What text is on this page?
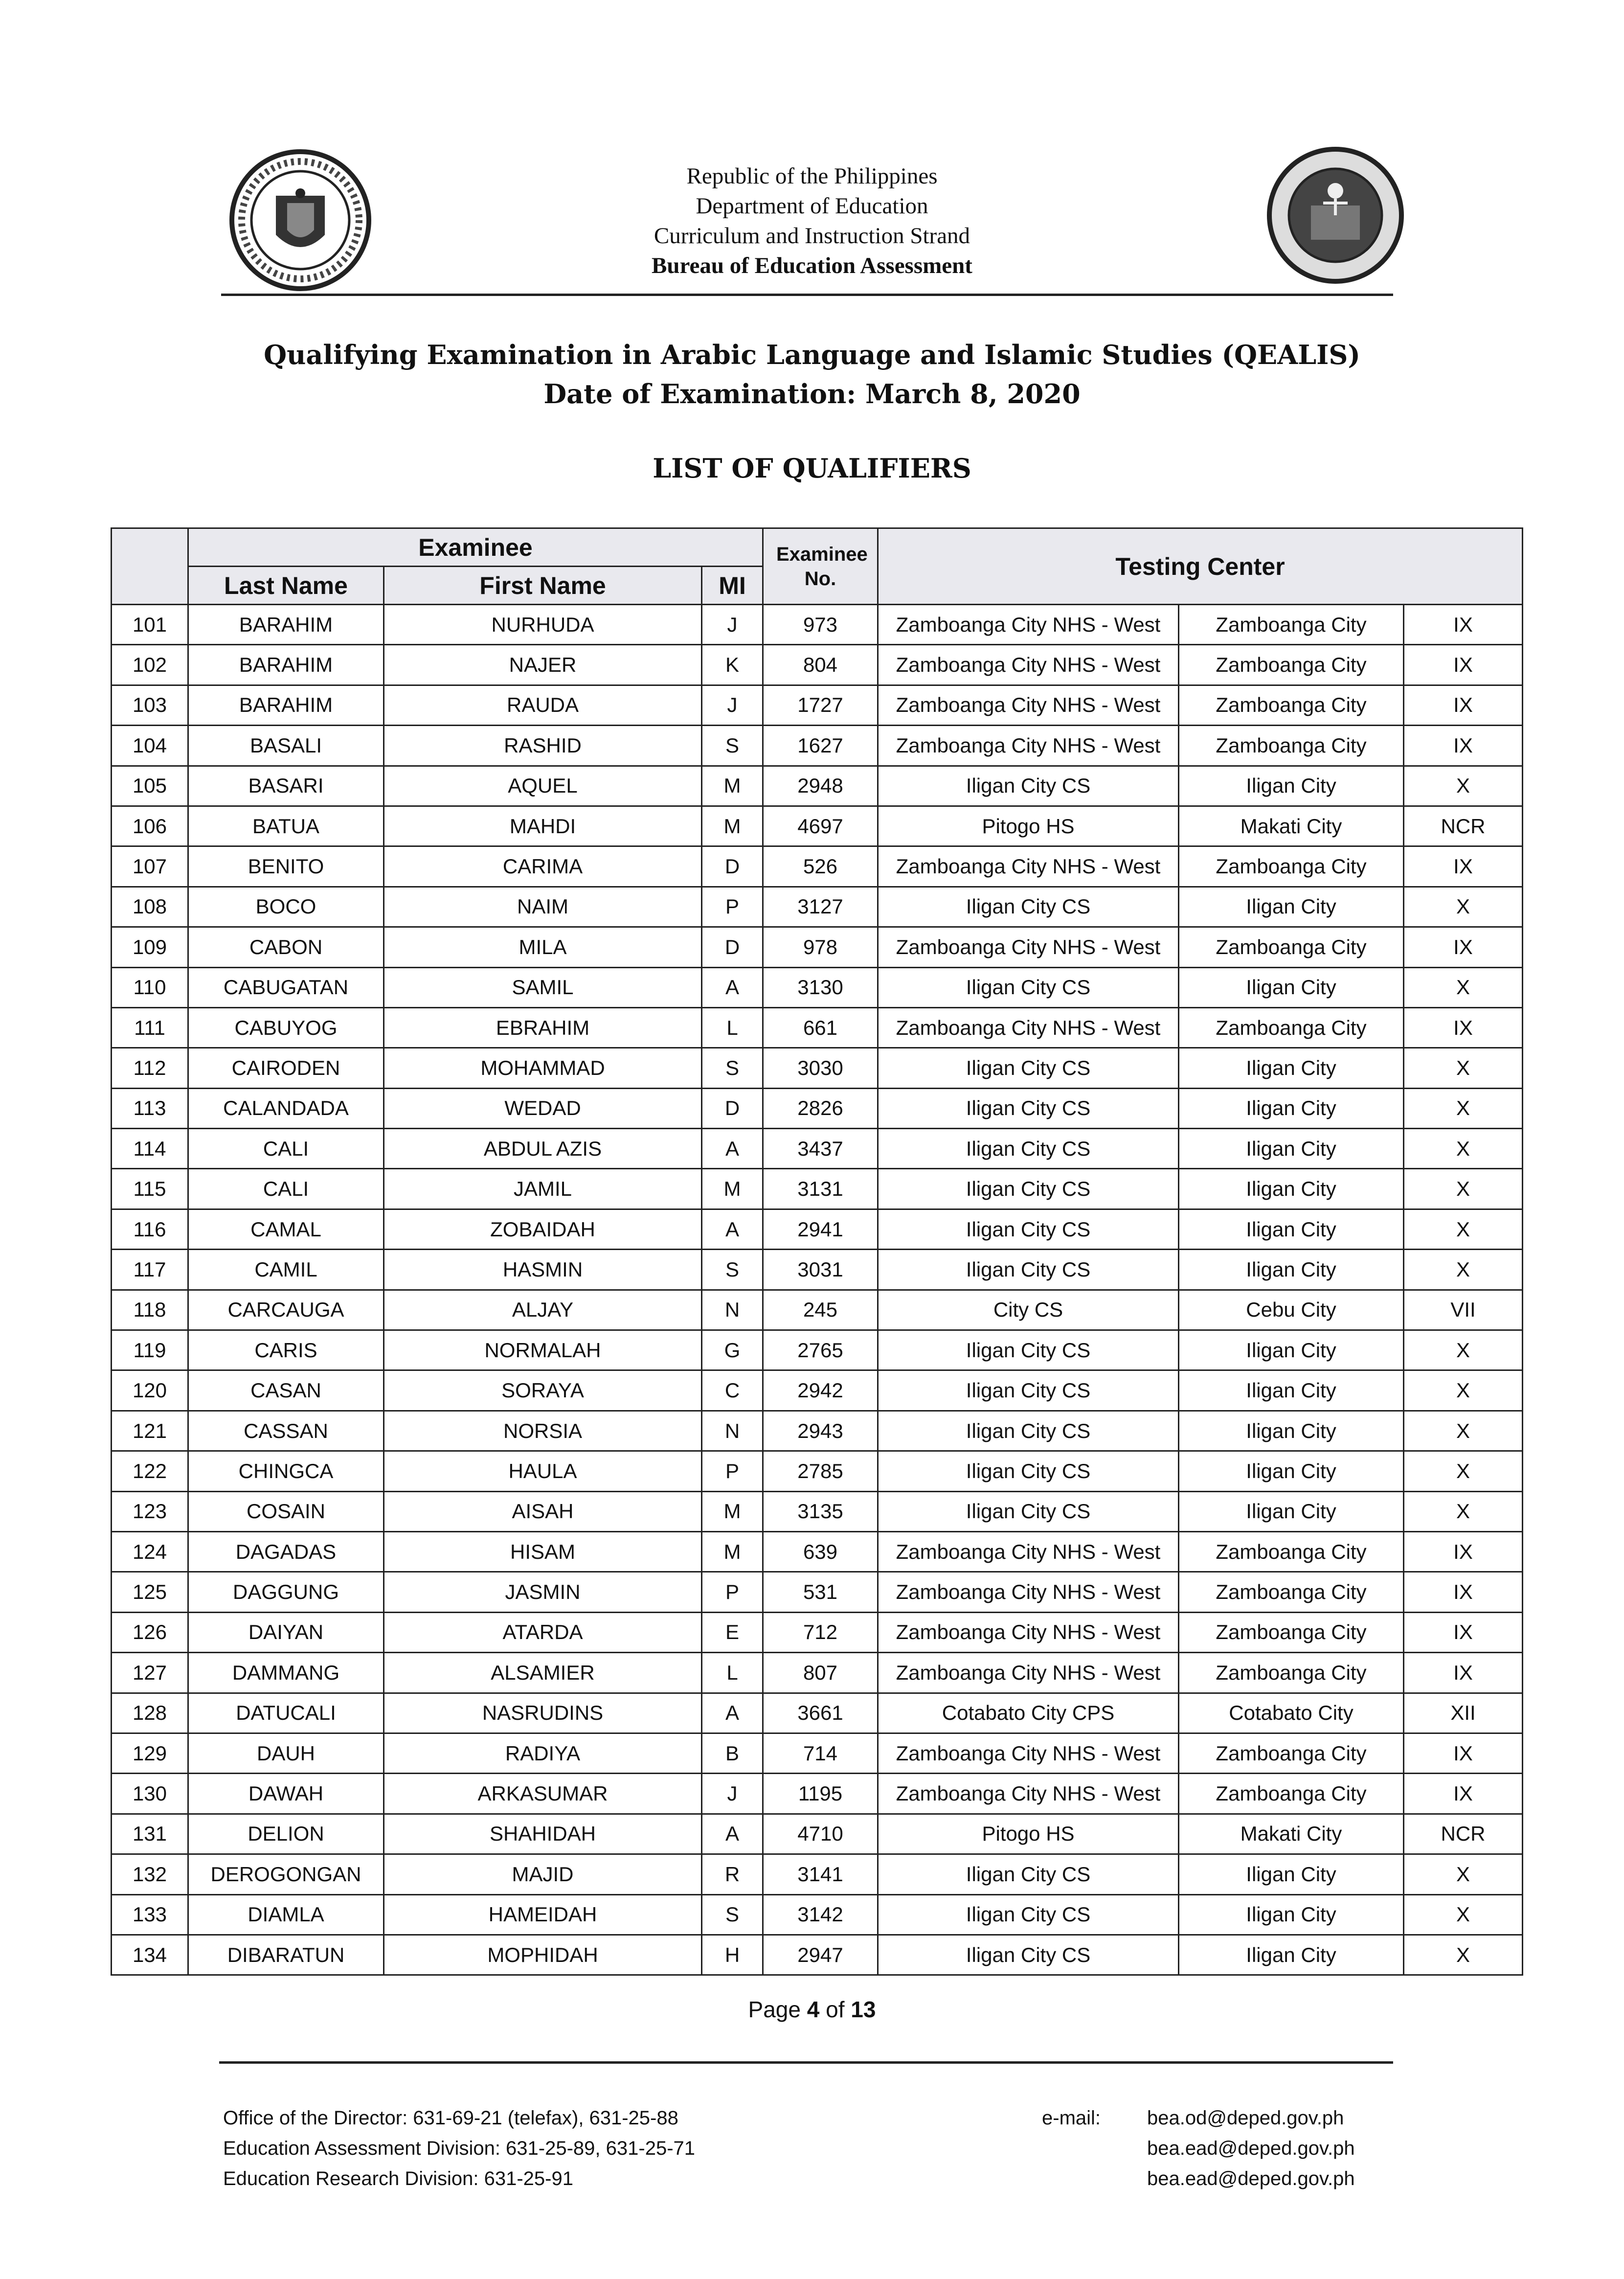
Republic of the Philippines
Department of Education
Curriculum and Instruction Strand
Bureau of Education Assessment
Qualifying Examination in Arabic Language and Islamic Studies (QEALIS)
Date of Examination: March 8, 2020
LIST OF QUALIFIERS
	Examinee			Examinee No.	Testing Center		
	Last Name	First Name	MI				
101	BARAHIM	NURHUDA	J	973	Zamboanga City NHS - West	Zamboanga City	IX
102	BARAHIM	NAJER	K	804	Zamboanga City NHS - West	Zamboanga City	IX
103	BARAHIM	RAUDA	J	1727	Zamboanga City NHS - West	Zamboanga City	IX
104	BASALI	RASHID	S	1627	Zamboanga City NHS - West	Zamboanga City	IX
105	BASARI	AQUEL	M	2948	Iligan City CS	Iligan City	X
106	BATUA	MAHDI	M	4697	Pitogo HS	Makati City	NCR
107	BENITO	CARIMA	D	526	Zamboanga City NHS - West	Zamboanga City	IX
108	BOCO	NAIM	P	3127	Iligan City CS	Iligan City	X
109	CABON	MILA	D	978	Zamboanga City NHS - West	Zamboanga City	IX
110	CABUGATAN	SAMIL	A	3130	Iligan City CS	Iligan City	X
111	CABUYOG	EBRAHIM	L	661	Zamboanga City NHS - West	Zamboanga City	IX
112	CAIRODEN	MOHAMMAD	S	3030	Iligan City CS	Iligan City	X
113	CALANDADA	WEDAD	D	2826	Iligan City CS	Iligan City	X
114	CALI	ABDUL AZIS	A	3437	Iligan City CS	Iligan City	X
115	CALI	JAMIL	M	3131	Iligan City CS	Iligan City	X
116	CAMAL	ZOBAIDAH	A	2941	Iligan City CS	Iligan City	X
117	CAMIL	HASMIN	S	3031	Iligan City CS	Iligan City	X
118	CARCAUGA	ALJAY	N	245	City CS	Cebu City	VII
119	CARIS	NORMALAH	G	2765	Iligan City CS	Iligan City	X
120	CASAN	SORAYA	C	2942	Iligan City CS	Iligan City	X
121	CASSAN	NORSIA	N	2943	Iligan City CS	Iligan City	X
122	CHINGCA	HAULA	P	2785	Iligan City CS	Iligan City	X
123	COSAIN	AISAH	M	3135	Iligan City CS	Iligan City	X
124	DAGADAS	HISAM	M	639	Zamboanga City NHS - West	Zamboanga City	IX
125	DAGGUNG	JASMIN	P	531	Zamboanga City NHS - West	Zamboanga City	IX
126	DAIYAN	ATARDA	E	712	Zamboanga City NHS - West	Zamboanga City	IX
127	DAMMANG	ALSAMIER	L	807	Zamboanga City NHS - West	Zamboanga City	IX
128	DATUCALI	NASRUDINS	A	3661	Cotabato City CPS	Cotabato City	XII
129	DAUH	RADIYA	B	714	Zamboanga City NHS - West	Zamboanga City	IX
130	DAWAH	ARKASUMAR	J	1195	Zamboanga City NHS - West	Zamboanga City	IX
131	DELION	SHAHIDAH	A	4710	Pitogo HS	Makati City	NCR
132	DEROGONGAN	MAJID	R	3141	Iligan City CS	Iligan City	X
133	DIAMLA	HAMEIDAH	S	3142	Iligan City CS	Iligan City	X
134	DIBARATUN	MOPHIDAH	H	2947	Iligan City CS	Iligan City	X
Page 4 of 13
Office of the Director: 631-69-21 (telefax), 631-25-88
Education Assessment Division: 631-25-89, 631-25-71
Education Research Division: 631-25-91
e-mail: bea.od@deped.gov.ph
bea.ead@deped.gov.ph
bea.ead@deped.gov.ph
